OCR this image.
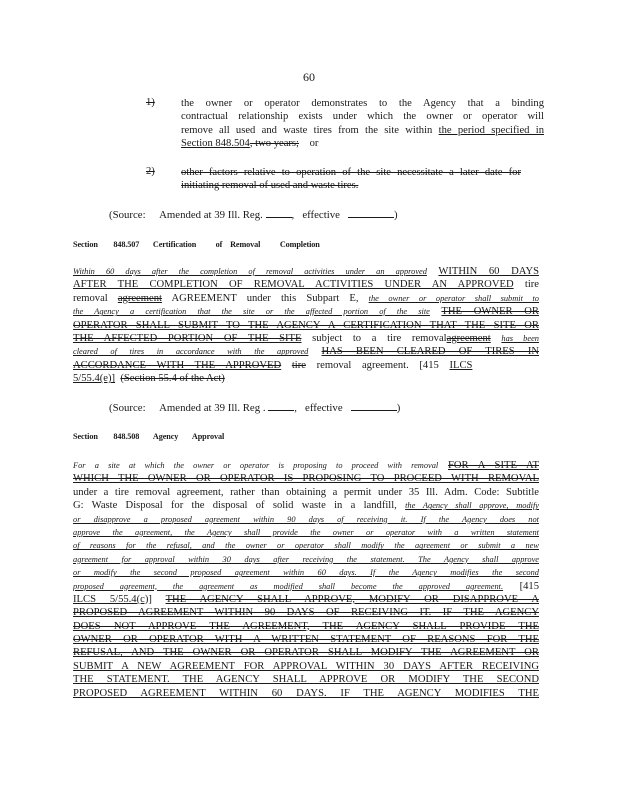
60
1) the owner or operator demonstrates to the Agency that a binding
contractual relationship exists under which the owner or operator will
remove all used and waste tires from the site within the period specified in
Section 848.504, two years; or
2) other factors relative to operation of the site necessitate a later date for
initiating removal of used and waste tires.
(Source: Amended at 39 Ill. Reg.	, effective	)
Section 848.507 Certification of Removal Completion
Within 60 days after the completion of removal activities under an approved WITHIN 60 DAYS
AFTER THE COMPLETION OF REMOVAL ACTIVITIES UNDER AN APPROVED tire
removal agreement AGREEMENT under this Subpart E, the owner or operator shall submit to
the Agency a certification that the site or the affected portion of the site THE OWNER OR
OPERATOR SHALL SUBMIT TO THE AGENCY A CERTIFICATION THAT THE SITE OR
THE AFFECTED PORTION OF THE SITE subject to a tire removalagreement has been
cleared of tires in accordance with the approved HAS BEEN CLEARED OF TIRES IN
ACCORDANCE WITH THE APPROVED tire removal agreement. [415 ILCS
5/55.4(e)] (Section 55.4 of the Act)
(Source: Amended at 39 Ill. Reg .	, effective	)
Section 848.508 Agency Approval
For a site at which the owner or operator is proposing to proceed with removal FOR A SITE AT
WHICH THE OWNER OR OPERATOR IS PROPOSING TO PROCEED WITH REMOVAL
under a tire removal agreement, rather than obtaining a permit under 35 Ill. Adm. Code: Subtitle
G: Waste Disposal for the disposal of solid waste in a landfill, the Agency shall approve, modify
or disapprove a proposed agreement within 90 days of receiving it. If the Agency does not
approve the agreement, the Agency shall provide the owner or operator with a written statement
of reasons for the refusal, and the owner or operator shall modify the agreement or submit a new
agreement for approval within 30 days after receiving the statement. The Agency shall approve
or modify the second proposed agreement within 60 days. If the Agency modifies the second
proposed agreement, the agreement as modified shall become the approved agreement. [415
ILCS 5/55.4(c)] THE AGENCY SHALL APPROVE, MODIFY OR DISAPPROVE A
PROPOSED AGREEMENT WITHIN 90 DAYS OF RECEIVING IT. IF THE AGENCY
DOES NOT APPROVE THE AGREEMENT, THE AGENCY SHALL PROVIDE THE
OWNER OR OPERATOR WITH A WRITTEN STATEMENT OF REASONS FOR THE
REFUSAL, AND THE OWNER OR OPERATOR SHALL MODIFY THE AGREEMENT OR
SUBMIT A NEW AGREEMENT FOR APPROVAL WITHIN 30 DAYS AFTER RECEIVING
THE STATEMENT. THE AGENCY SHALL APPROVE OR MODIFY THE SECOND
PROPOSED AGREEMENT WITHIN 60 DAYS. IF THE AGENCY MODIFIES THE
